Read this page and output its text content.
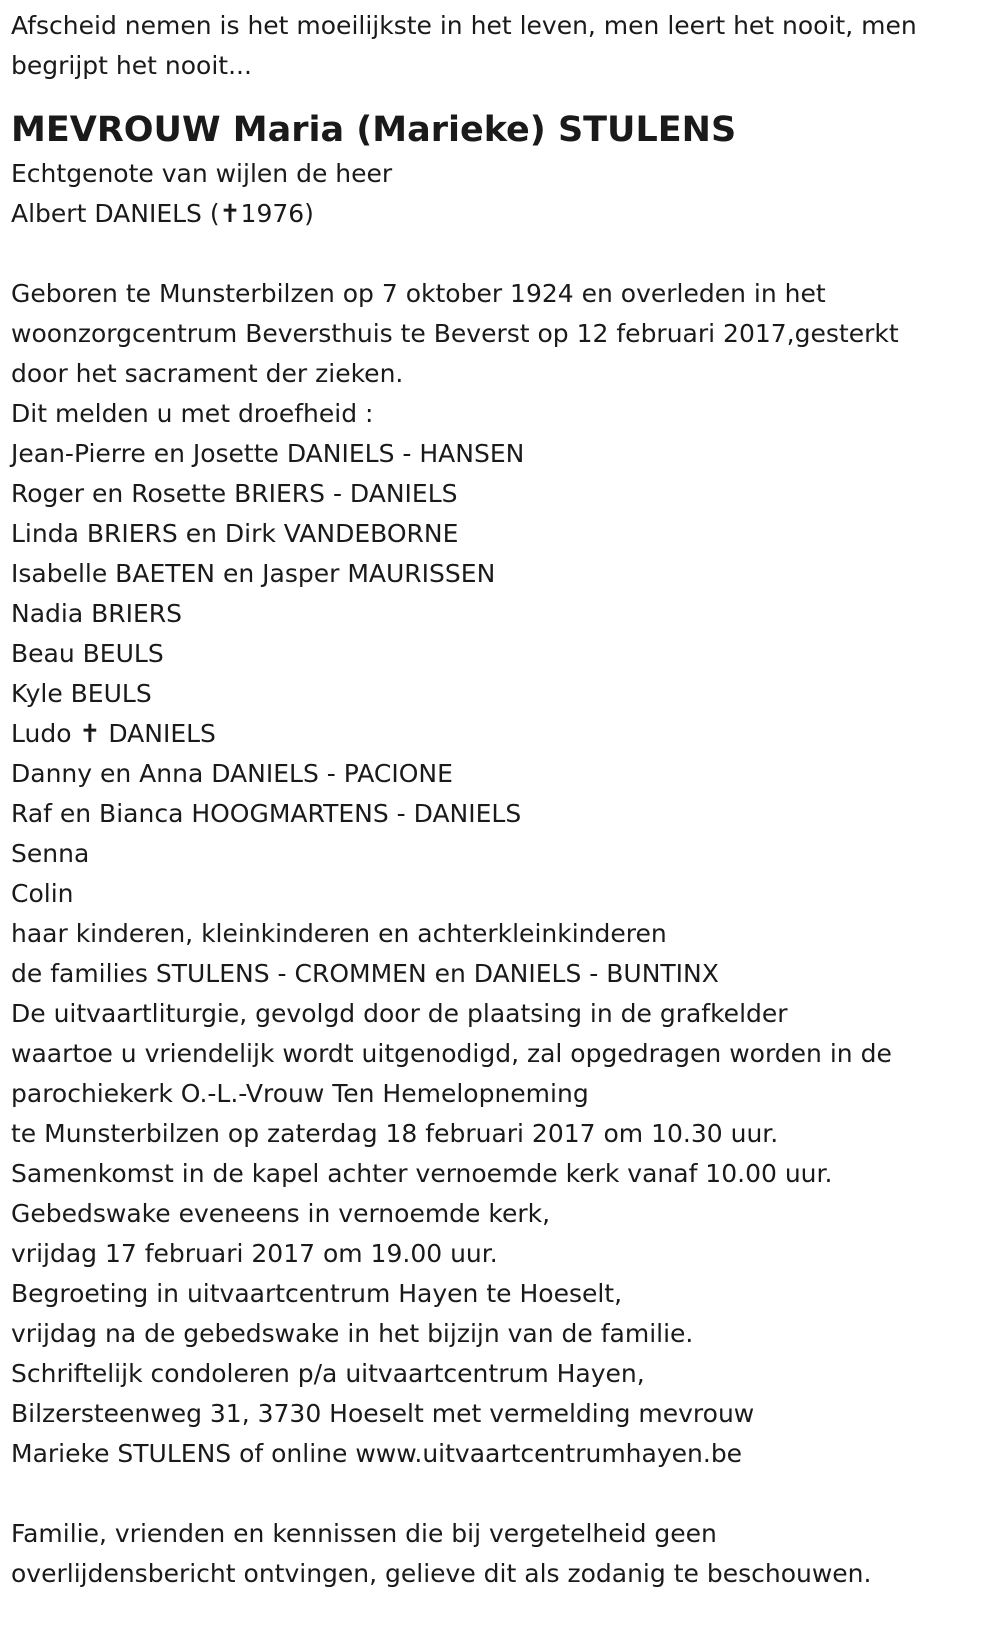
Afscheid nemen is het moeilijkste in het leven, men leert het nooit, men

begrijpt het nooit...

MEVROUW Maria (Marieke) STULENS

Echtgenote van wijlen de heer

Albert DANIELS (✝1976)

Geboren te Munsterbilzen op 7 oktober 1924 en overleden in het

woonzorgcentrum Beversthuis te Beverst op 12 februari 2017,gesterkt

door het sacrament der zieken.

Dit melden u met droefheid :

Jean-Pierre en Josette DANIELS - HANSEN

Roger en Rosette BRIERS - DANIELS

Linda BRIERS en Dirk VANDEBORNE

Isabelle BAETEN en Jasper MAURISSEN

Nadia BRIERS

Beau BEULS

Kyle BEULS

Ludo ✝ DANIELS

Danny en Anna DANIELS - PACIONE

Raf en Bianca HOOGMARTENS - DANIELS

Senna

Colin

haar kinderen, kleinkinderen en achterkleinkinderen

de families STULENS - CROMMEN en DANIELS - BUNTINX

De uitvaartliturgie, gevolgd door de plaatsing in de grafkelder

waartoe u vriendelijk wordt uitgenodigd, zal opgedragen worden in de

parochiekerk O.-L.-Vrouw Ten Hemelopneming

te Munsterbilzen op zaterdag 18 februari 2017 om 10.30 uur.

Samenkomst in de kapel achter vernoemde kerk vanaf 10.00 uur.

Gebedswake eveneens in vernoemde kerk,

vrijdag 17 februari 2017 om 19.00 uur.

Begroeting in uitvaartcentrum Hayen te Hoeselt,

vrijdag na de gebedswake in het bijzijn van de familie.

Schriftelijk condoleren p/a uitvaartcentrum Hayen,

Bilzersteenweg 31, 3730 Hoeselt met vermelding mevrouw

Marieke STULENS of online www.uitvaartcentrumhayen.be

Familie, vrienden en kennissen die bij vergetelheid geen

overlijdensbericht ontvingen, gelieve dit als zodanig te beschouwen.
